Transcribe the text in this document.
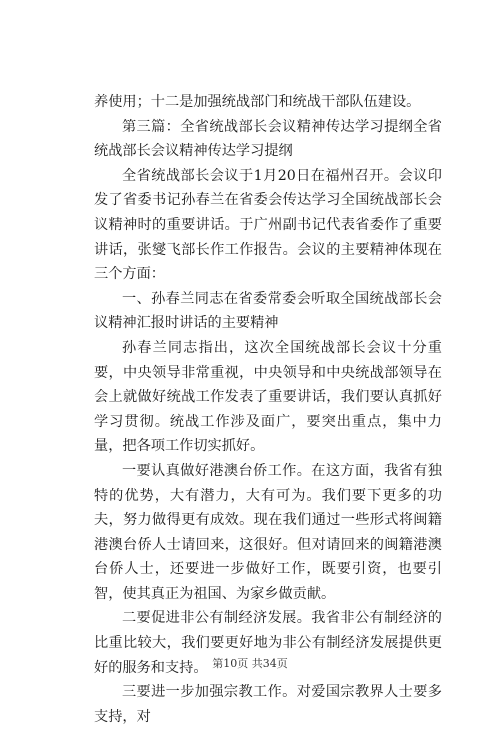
养使用；十二是加强统战部门和统战干部队伍建设。

第三篇：全省统战部长会议精神传达学习提纲全省统战部长会议精神传达学习提纲

全省统战部长会议于1月20日在福州召开。会议印发了省委书记孙春兰在省委会传达学习全国统战部长会议精神时的重要讲话。于广州副书记代表省委作了重要讲话，张燮飞部长作工作报告。会议的主要精神体现在三个方面：

一、孙春兰同志在省委常委会听取全国统战部长会议精神汇报时讲话的主要精神

孙春兰同志指出，这次全国统战部长会议十分重要，中央领导非常重视，中央领导和中央统战部领导在会上就做好统战工作发表了重要讲话，我们要认真抓好学习贯彻。统战工作涉及面广，要突出重点，集中力量，把各项工作切实抓好。

一要认真做好港澳台侨工作。在这方面，我省有独特的优势，大有潜力，大有可为。我们要下更多的功夫，努力做得更有成效。现在我们通过一些形式将闽籍港澳台侨人士请回来，这很好。但对请回来的闽籍港澳台侨人士，还要进一步做好工作，既要引资，也要引智，使其真正为祖国、为家乡做贡献。

二要促进非公有制经济发展。我省非公有制经济的比重比较大，我们要更好地为非公有制经济发展提供更好的服务和支持。

三要进一步加强宗教工作。对爱国宗教界人士要多支持，对

第10页 共34页
